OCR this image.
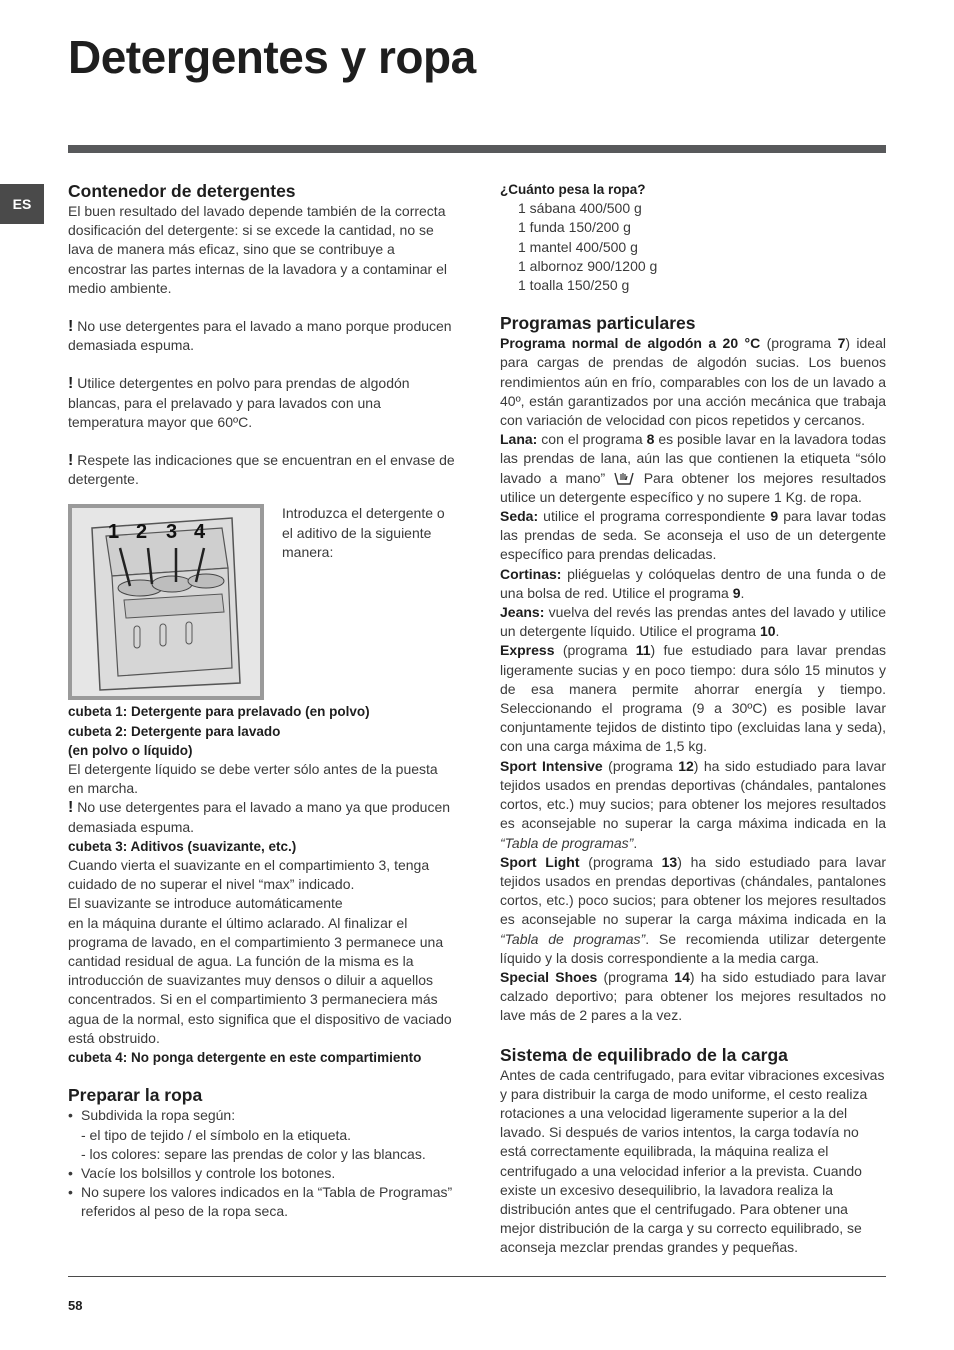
Detergentes y ropa
ES
Contenedor de detergentes

El buen resultado del lavado depende también de la correcta dosificación del detergente: si se excede la cantidad, no se lava de manera más eficaz, sino que se contribuye a encostrar las partes internas de la lavadora y a contaminar el medio ambiente.

! No use detergentes para el lavado a mano porque producen demasiada espuma.

! Utilice detergentes en polvo para prendas de algodón blancas, para el prelavado y para lavados con una temperatura mayor que 60ºC.

! Respete las indicaciones que se encuentran en el envase de detergente.

1 2 3 4

Introduzca el detergente o el aditivo de la siguiente manera:

cubeta 1: Detergente para prelavado (en polvo)

cubeta 2: Detergente para lavado

(en polvo o líquido)

El detergente líquido se debe verter sólo antes de la puesta en marcha.

! No use detergentes para el lavado a mano ya que producen demasiada espuma.

cubeta 3: Aditivos (suavizante, etc.)

Cuando vierta el suavizante en el compartimiento 3, tenga cuidado de no superar el nivel “max” indicado.

El suavizante se introduce automáticamente

en la máquina durante el último aclarado. Al finalizar el programa de lavado, en el compartimiento 3 permanece una cantidad residual de agua. La función de la misma es la introducción de suavizantes muy densos o diluir a aquellos concentrados. Si en el compartimiento 3 permaneciera más agua de la normal, esto significa que el dispositivo de vaciado está obstruido.

cubeta 4: No ponga detergente en este compartimiento

Preparar la ropa
• Subdivida la ropa según:
- el tipo de tejido / el símbolo en la etiqueta.
- los colores: separe las prendas de color y las blancas.
• Vacíe los bolsillos y controle los botones.
• No supere los valores indicados en la “Tabla de Programas” referidos al peso de la ropa seca.

¿Cuánto pesa la ropa?

1 sábana 400/500 g
1 funda 150/200 g
1 mantel 400/500 g
1 albornoz 900/1200 g
1 toalla 150/250 g
Programas particulares

Programa normal de algodón a 20 °C (programa 7) ideal para cargas de prendas de algodón sucias. Los buenos rendimientos aún en frío, comparables con los de un lavado a 40º, están garantizados por una acción mecánica que trabaja con variación de velocidad con picos repetidos y cercanos.

Lana: con el programa 8 es posible lavar en la lavadora todas las prendas de lana, aún las que contienen la etiqueta “sólo lavado a mano”  Para obtener los mejores resultados utilice un detergente específico y no supere 1 Kg. de ropa.

Seda: utilice el programa correspondiente 9 para lavar todas las prendas de seda. Se aconseja el uso de un detergente específico para prendas delicadas.

Cortinas: pliéguelas y colóquelas dentro de una funda o de una bolsa de red. Utilice el programa 9.

Jeans: vuelva del revés las prendas antes del lavado y utilice un detergente líquido. Utilice el programa 10.

Express (programa 11) fue estudiado para lavar prendas ligeramente sucias y en poco tiempo: dura sólo 15 minutos y de esa manera permite ahorrar energía y tiempo. Seleccionando el programa (9 a 30ºC) es posible lavar conjuntamente tejidos de distinto tipo (excluidas lana y seda), con una carga máxima de 1,5 kg.

Sport Intensive (programa 12) ha sido estudiado para lavar tejidos usados en prendas deportivas (chándales, pantalones cortos, etc.) muy sucios; para obtener los mejores resultados es aconsejable no superar la carga máxima indicada en la “Tabla de programas”.

Sport Light (programa 13) ha sido estudiado para lavar tejidos usados en prendas deportivas (chándales, pantalones cortos, etc.) poco sucios; para obtener los mejores resultados es aconsejable no superar la carga máxima indicada en la “Tabla de programas”. Se recomienda utilizar detergente líquido y la dosis correspondiente a la media carga.

Special Shoes (programa 14) ha sido estudiado para lavar calzado deportivo; para obtener los mejores resultados no lave más de 2 pares a la vez.

Sistema de equilibrado de la carga

Antes de cada centrifugado, para evitar vibraciones excesivas y para distribuir la carga de modo uniforme, el cesto realiza rotaciones a una velocidad ligeramente superior a la del lavado. Si después de varios intentos, la carga todavía no está correctamente equilibrada, la máquina realiza el centrifugado a una velocidad inferior a la prevista. Cuando existe un excesivo desequilibrio, la lavadora realiza la distribución antes que el centrifugado. Para obtener una mejor distribución de la carga y su correcto equilibrado, se aconseja mezclar prendas grandes y pequeñas.

58
